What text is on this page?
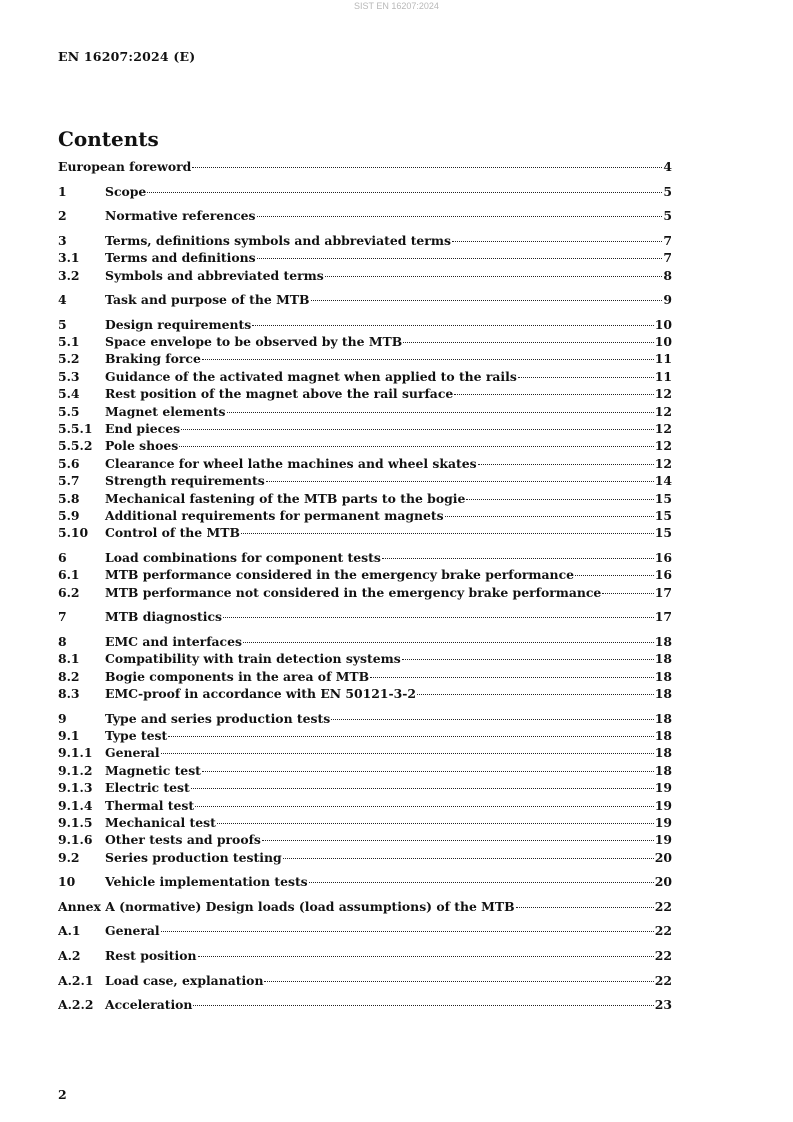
SIST EN 16207:2024
EN 16207:2024 (E)
Contents
European foreword	4
1	Scope	5
2	Normative references	5
3	Terms, definitions symbols and abbreviated terms	7
3.1	Terms and definitions	7
3.2	Symbols and abbreviated terms	8
4	Task and purpose of the MTB	9
5	Design requirements	10
5.1	Space envelope to be observed by the MTB	10
5.2	Braking force	11
5.3	Guidance of the activated magnet when applied to the rails	11
5.4	Rest position of the magnet above the rail surface	12
5.5	Magnet elements	12
5.5.1	End pieces	12
5.5.2	Pole shoes	12
5.6	Clearance for wheel lathe machines and wheel skates	12
5.7	Strength requirements	14
5.8	Mechanical fastening of the MTB parts to the bogie	15
5.9	Additional requirements for permanent magnets	15
5.10	Control of the MTB	15
6	Load combinations for component tests	16
6.1	MTB performance considered in the emergency brake performance	16
6.2	MTB performance not considered in the emergency brake performance	17
7	MTB diagnostics	17
8	EMC and interfaces	18
8.1	Compatibility with train detection systems	18
8.2	Bogie components in the area of MTB	18
8.3	EMC-proof in accordance with EN 50121-3-2	18
9	Type and series production tests	18
9.1	Type test	18
9.1.1	General	18
9.1.2	Magnetic test	18
9.1.3	Electric test	19
9.1.4	Thermal test	19
9.1.5	Mechanical test	19
9.1.6	Other tests and proofs	19
9.2	Series production testing	20
10	Vehicle implementation tests	20
Annex A (normative) Design loads (load assumptions) of the MTB	22
A.1	General	22
A.2	Rest position	22
A.2.1 Load case, explanation	22
A.2.2 Acceleration	23
2
